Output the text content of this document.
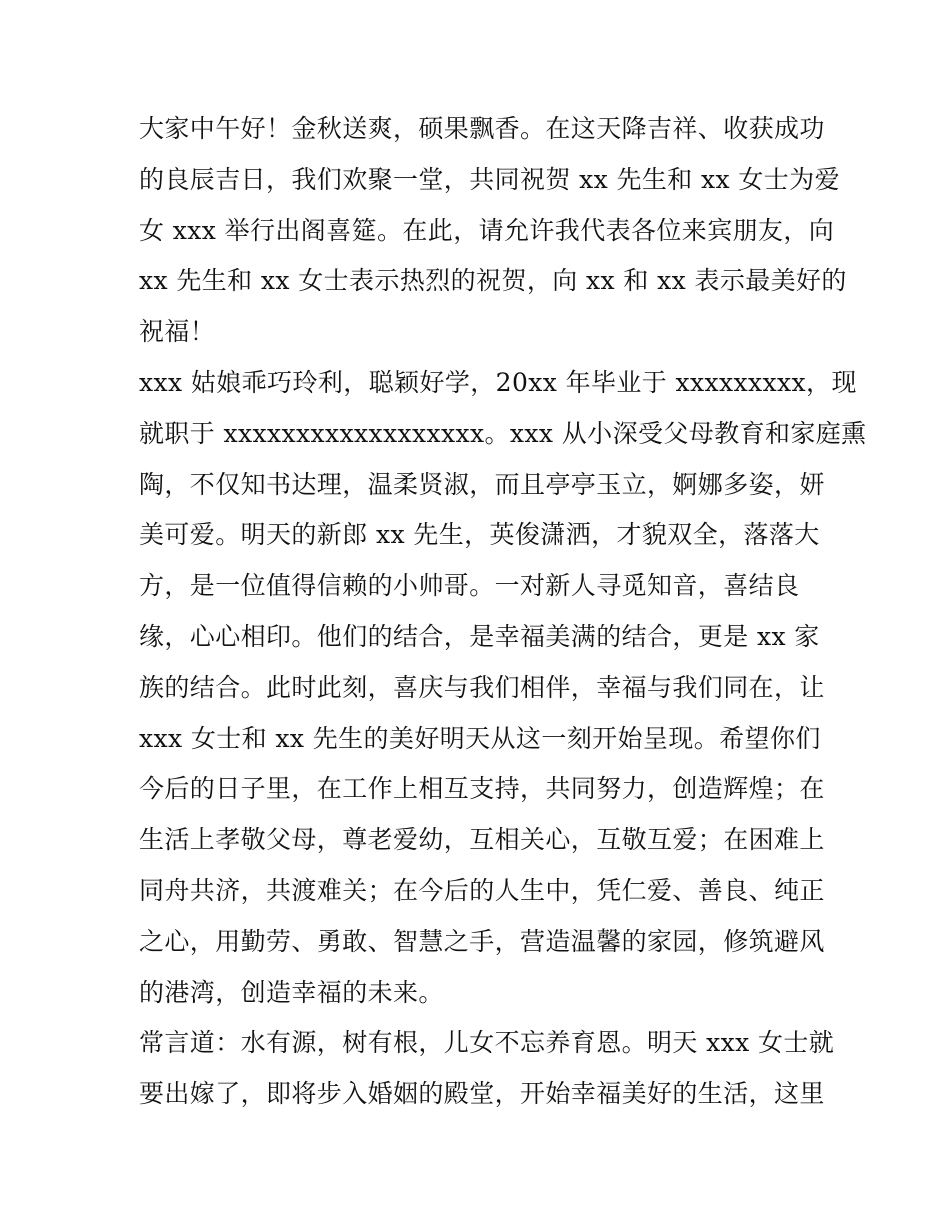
大家中午好！金秋送爽，硕果飘香。在这天降吉祥、收获成功
的良辰吉日，我们欢聚一堂，共同祝贺 xx 先生和 xx 女士为爱
女 xxx 举行出阁喜筵。在此，请允许我代表各位来宾朋友，向
xx 先生和 xx 女士表示热烈的祝贺，向 xx 和 xx 表示最美好的
祝福！
xxx 姑娘乖巧玲利，聪颖好学，20xx 年毕业于 xxxxxxxxx，现
就职于 xxxxxxxxxxxxxxxxxx。xxx 从小深受父母教育和家庭熏
陶，不仅知书达理，温柔贤淑，而且亭亭玉立，婀娜多姿，妍
美可爱。明天的新郎 xx 先生，英俊潇洒，才貌双全，落落大
方，是一位值得信赖的小帅哥。一对新人寻觅知音，喜结良
缘，心心相印。他们的结合，是幸福美满的结合，更是 xx 家
族的结合。此时此刻，喜庆与我们相伴，幸福与我们同在，让
xxx 女士和 xx 先生的美好明天从这一刻开始呈现。希望你们
今后的日子里，在工作上相互支持，共同努力，创造辉煌；在
生活上孝敬父母，尊老爱幼，互相关心，互敬互爱；在困难上
同舟共济，共渡难关；在今后的人生中，凭仁爱、善良、纯正
之心，用勤劳、勇敢、智慧之手，营造温馨的家园，修筑避风
的港湾，创造幸福的未来。
常言道：水有源，树有根，儿女不忘养育恩。明天 xxx 女士就
要出嫁了，即将步入婚姻的殿堂，开始幸福美好的生活，这里
